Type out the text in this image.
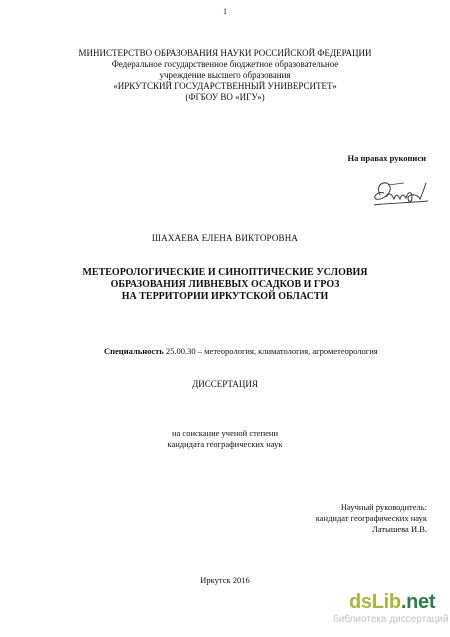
1
МИНИСТЕРСТВО ОБРАЗОВАНИЯ НАУКИ РОССИЙСКОЙ ФЕДЕРАЦИИ
Федеральное государственное бюджетное образовательное
учреждение высшего образования
«ИРКУТСКИЙ ГОСУДАРСТВЕННЫЙ УНИВЕРСИТЕТ»
(ФГБОУ ВО «ИГУ»)
На правах рукописи
ШАХАЕВА ЕЛЕНА ВИКТОРОВНА
МЕТЕОРОЛОГИЧЕСКИЕ И СИНОПТИЧЕСКИЕ УСЛОВИЯ
ОБРАЗОВАНИЯ ЛИВНЕВЫХ ОСАДКОВ И ГРОЗ
НА ТЕРРИТОРИИ ИРКУТСКОЙ ОБЛАСТИ
Специальность 25.00.30 – метеорология, климатология, агрометеорология
ДИССЕРТАЦИЯ
на соискание ученой степени
кандидата географических наук
Научный руководитель:
кандидат географических наук
Латышева И.В.
Иркутск 2016
dsLib.net
библиотека диссертаций
